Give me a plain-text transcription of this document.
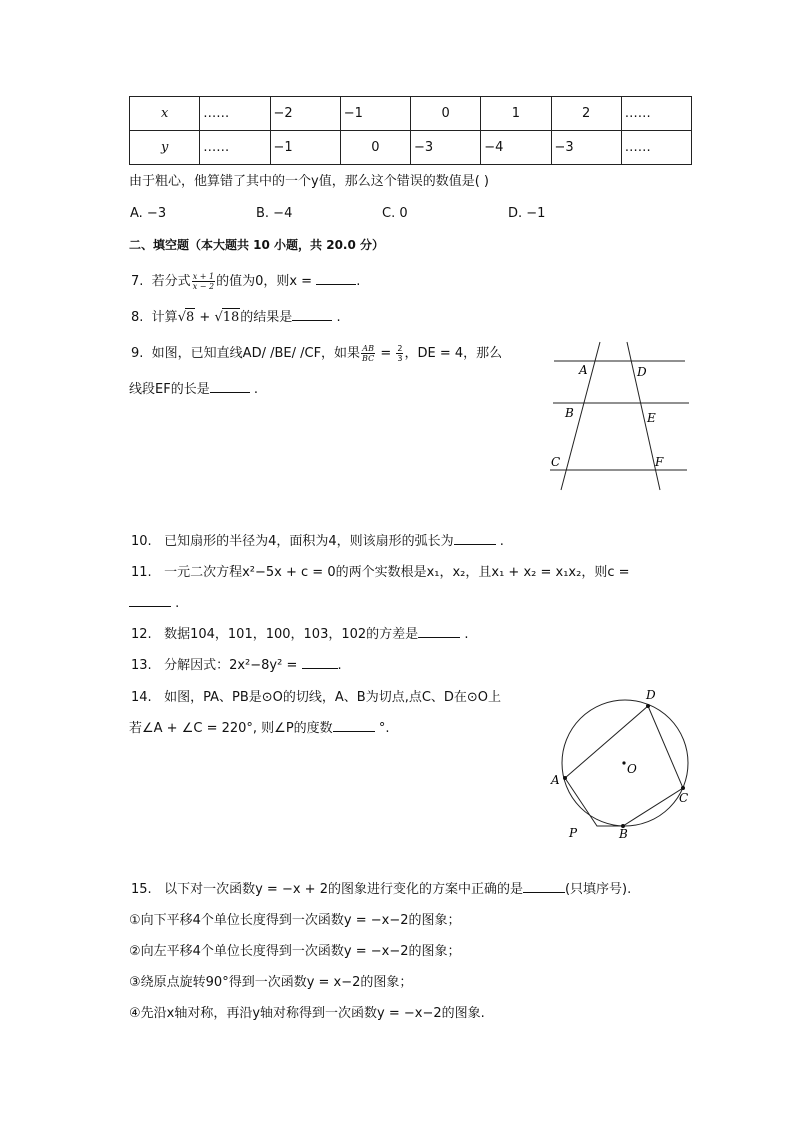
x	……	−2	−1	0	1	2	……
y	……	−1	0	−3	−4	−3	……
由于粗心，他算错了其中的一个y值，那么这个错误的数值是( )
A. −3	B. −4	C. 0	D. −1
二、填空题（本大题共 10 小题，共 20.0 分）
7. 若分式 $\frac{x + 1}{x - 2}$ 的值为0，则x =	.
8. 计算√8 + √18的结果是	.
9. 如图，已知直线AD/ /BE/ /CF，如果 $\frac{AB}{BC} = \frac{2}{3}$ ，DE = 4，那么
线段EF的长是	.
A	D
B	E
C	F
10. 已知扇形的半径为4，面积为4，则该扇形的弧长为	.
11. 一元二次方程x²−5x + c = 0的两个实数根是x₁，x₂，且x₁ + x₂ = x₁x₂，则c =
.
12. 数据104，101，100，103，102的方差是	.
13. 分解因式：2x²−8y² =	.
14. 如图，PA、PB是⊙O的切线，A、B为切点,点C、D在⊙O上
若∠A + ∠C = 220°, 则∠P的度数	°.
D
O
A
C
P	B
15. 以下对一次函数y = −x + 2的图象进行变化的方案中正确的是	(只填序号).
①向下平移4个单位长度得到一次函数y = −x−2的图象；
②向左平移4个单位长度得到一次函数y = −x−2的图象；
③绕原点旋转90°得到一次函数y = x−2的图象；
④先沿x轴对称，再沿y轴对称得到一次函数y = −x−2的图象.
